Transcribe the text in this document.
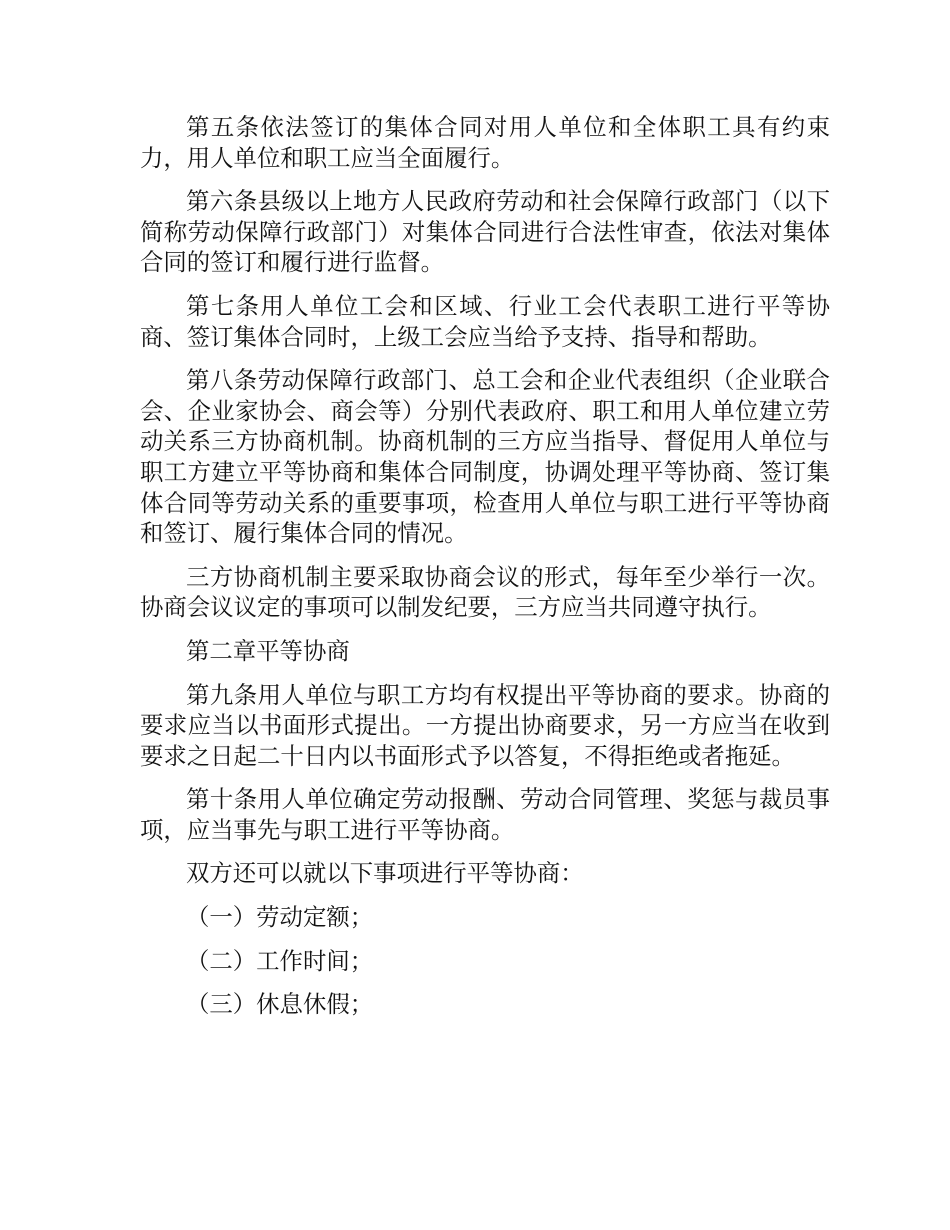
第五条依法签订的集体合同对用人单位和全体职工具有约束力，用人单位和职工应当全面履行。

第六条县级以上地方人民政府劳动和社会保障行政部门（以下简称劳动保障行政部门）对集体合同进行合法性审查，依法对集体合同的签订和履行进行监督。

第七条用人单位工会和区域、行业工会代表职工进行平等协商、签订集体合同时，上级工会应当给予支持、指导和帮助。

第八条劳动保障行政部门、总工会和企业代表组织（企业联合会、企业家协会、商会等）分别代表政府、职工和用人单位建立劳动关系三方协商机制。协商机制的三方应当指导、督促用人单位与职工方建立平等协商和集体合同制度，协调处理平等协商、签订集体合同等劳动关系的重要事项，检查用人单位与职工进行平等协商和签订、履行集体合同的情况。

三方协商机制主要采取协商会议的形式，每年至少举行一次。协商会议议定的事项可以制发纪要，三方应当共同遵守执行。

第二章平等协商

第九条用人单位与职工方均有权提出平等协商的要求。协商的要求应当以书面形式提出。一方提出协商要求，另一方应当在收到要求之日起二十日内以书面形式予以答复，不得拒绝或者拖延。

第十条用人单位确定劳动报酬、劳动合同管理、奖惩与裁员事项，应当事先与职工进行平等协商。

双方还可以就以下事项进行平等协商：

（一）劳动定额；

（二）工作时间；

（三）休息休假；
